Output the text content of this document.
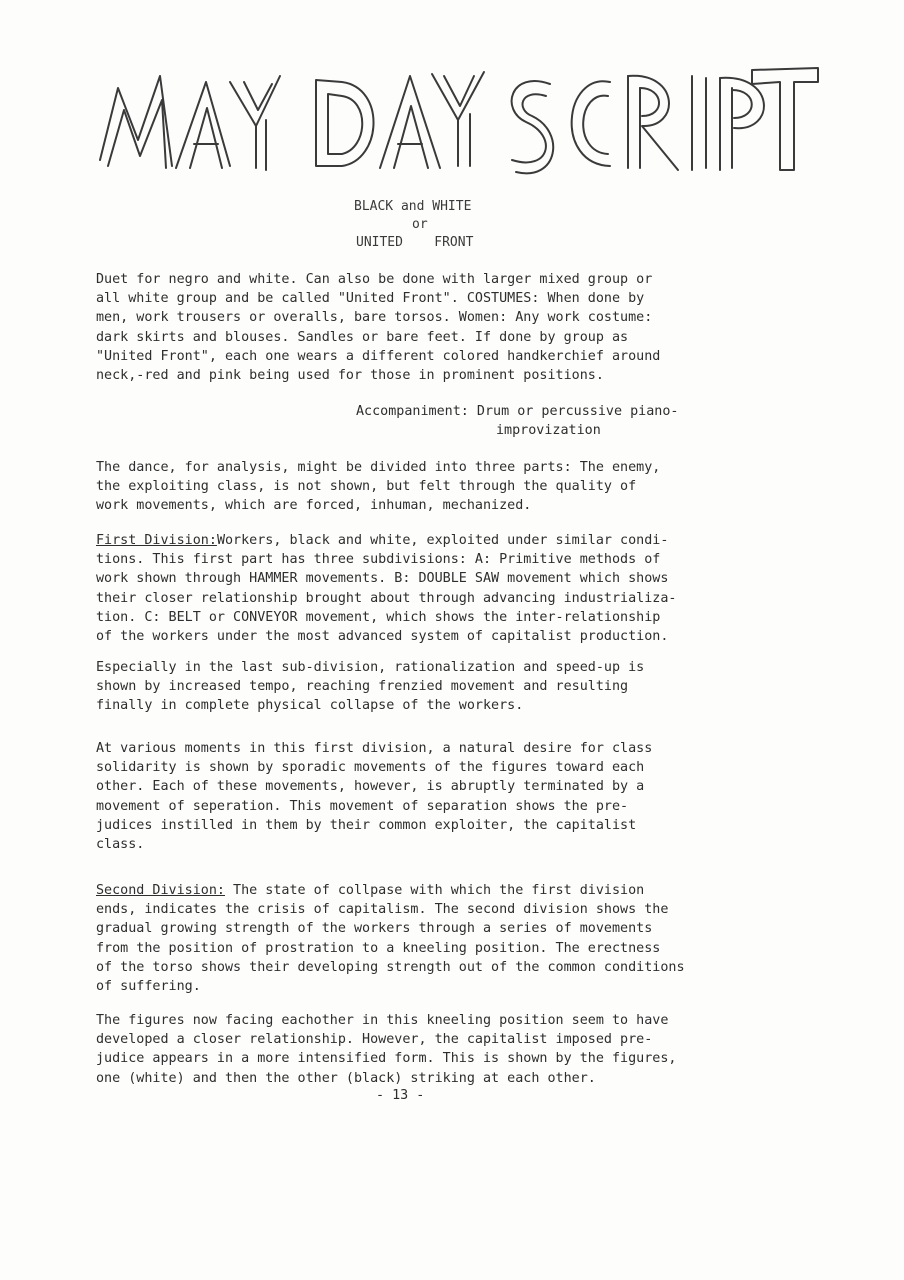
BLACK and WHITE
or
UNITED    FRONT
Duet for negro and white. Can also be done with larger mixed group or
all white group and be called "United Front". COSTUMES: When done by
men, work trousers or overalls, bare torsos. Women: Any work costume:
dark skirts and blouses. Sandles or bare feet. If done by group as
"United Front", each one wears a different colored handkerchief around
neck,-red and pink being used for those in prominent positions.
Accompaniment: Drum or percussive piano-
improvization
The dance, for analysis, might be divided into three parts: The enemy,
the exploiting class, is not shown, but felt through the quality of
work movements, which are forced, inhuman, mechanized.
First Division:Workers, black and white, exploited under similar condi-
tions. This first part has three subdivisions: A: Primitive methods of
work shown through HAMMER movements. B: DOUBLE SAW movement which shows
their closer relationship brought about through advancing industrializa-
tion. C: BELT or CONVEYOR movement, which shows the inter-relationship
of the workers under the most advanced system of capitalist production.
Especially in the last sub-division, rationalization and speed-up is
shown by increased tempo, reaching frenzied movement and resulting
finally in complete physical collapse of the workers.
At various moments in this first division, a natural desire for class
solidarity is shown by sporadic movements of the figures toward each
other. Each of these movements, however, is abruptly terminated by a
movement of seperation. This movement of separation shows the pre-
judices instilled in them by their common exploiter, the capitalist
class.
Second Division: The state of collpase with which the first division
ends, indicates the crisis of capitalism. The second division shows the
gradual growing strength of the workers through a series of movements
from the position of prostration to a kneeling position. The erectness
of the torso shows their developing strength out of the common conditions
of suffering.
The figures now facing eachother in this kneeling position seem to have
developed a closer relationship. However, the capitalist imposed pre-
judice appears in a more intensified form. This is shown by the figures,
one (white) and then the other (black) striking at each other.
- 13 -
